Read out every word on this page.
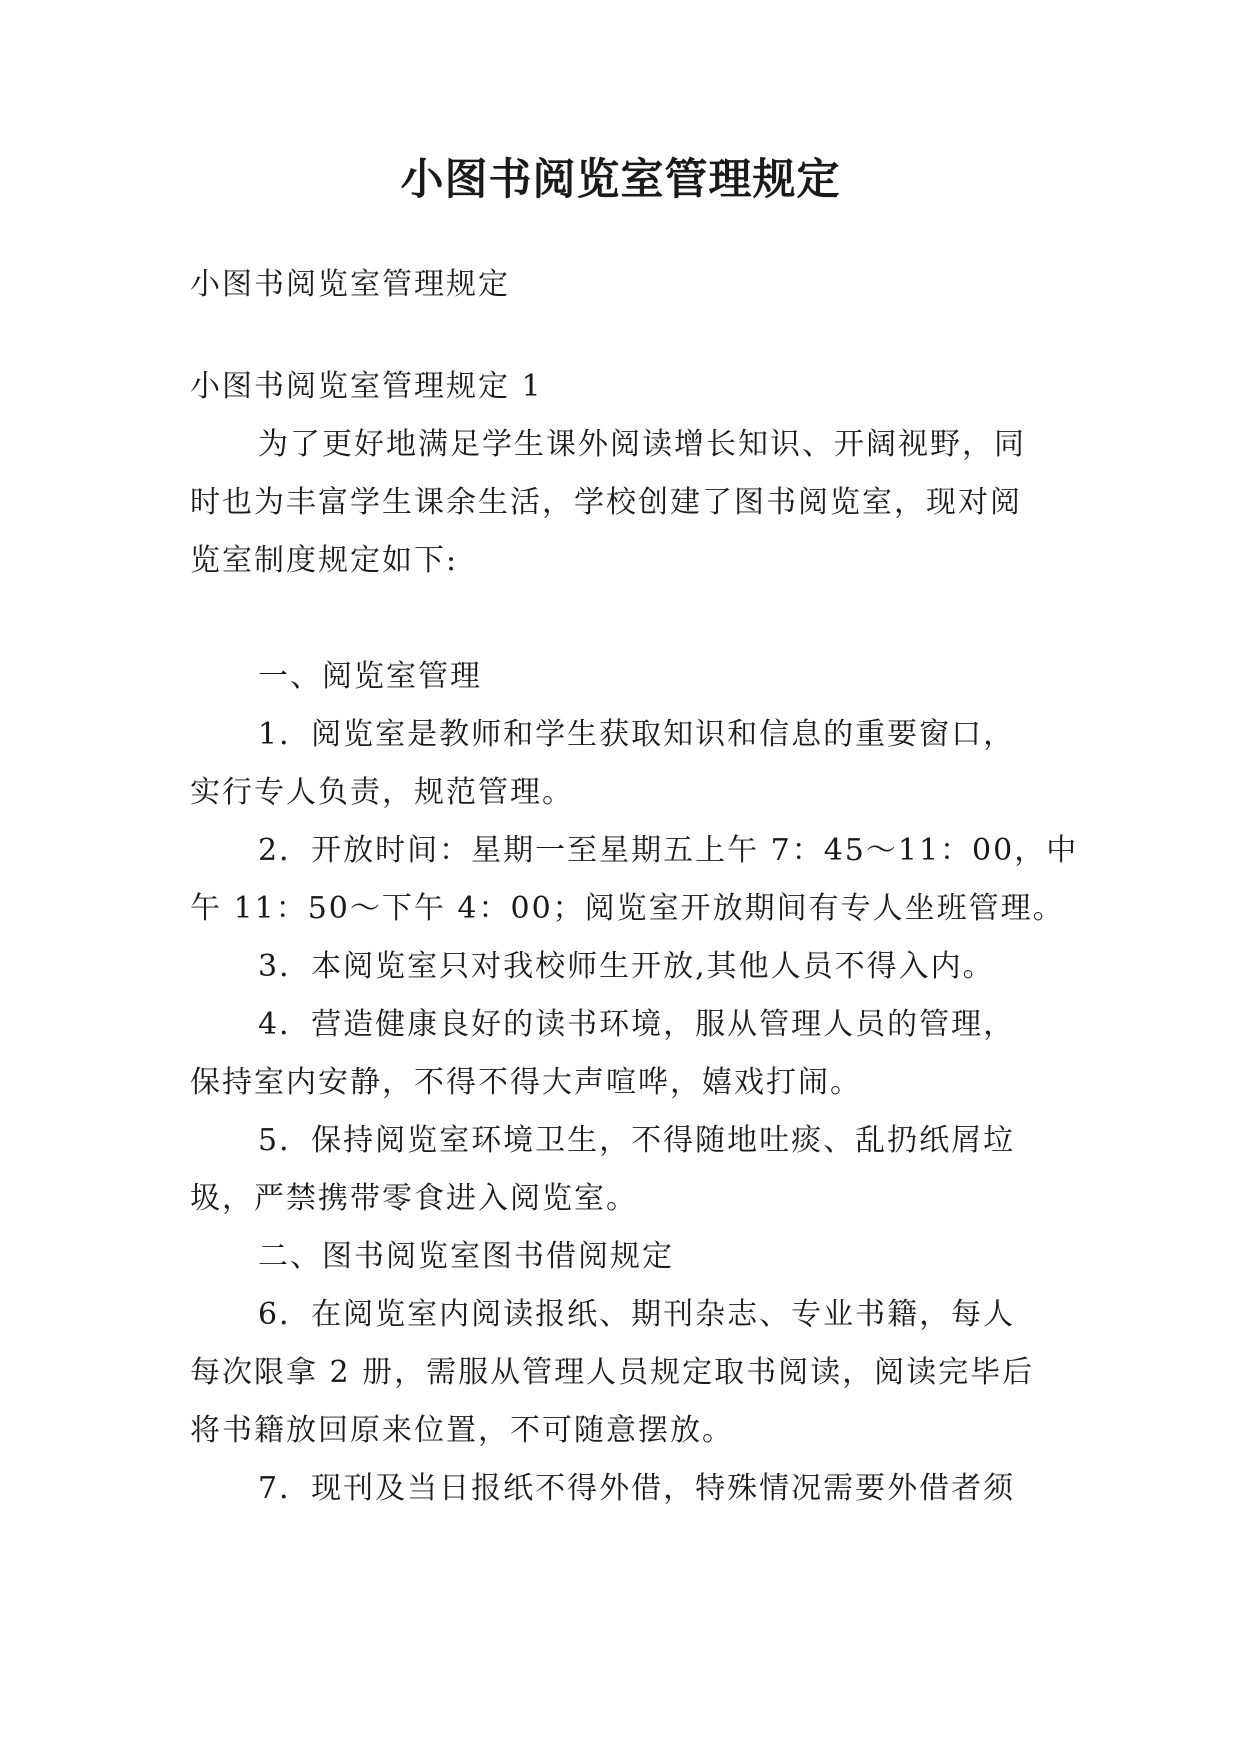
小图书阅览室管理规定
小图书阅览室管理规定
小图书阅览室管理规定 1
为了更好地满足学生课外阅读增长知识、开阔视野，同
时也为丰富学生课余生活，学校创建了图书阅览室，现对阅
览室制度规定如下:
一、阅览室管理
1．阅览室是教师和学生获取知识和信息的重要窗口，
实行专人负责，规范管理。
2．开放时间：星期一至星期五上午 7：45～11：00，中
午 11：50～下午 4：00；阅览室开放期间有专人坐班管理。
3．本阅览室只对我校师生开放,其他人员不得入内。
4．营造健康良好的读书环境，服从管理人员的管理，
保持室内安静，不得不得大声喧哗，嬉戏打闹。
5．保持阅览室环境卫生，不得随地吐痰、乱扔纸屑垃
圾，严禁携带零食进入阅览室。
二、图书阅览室图书借阅规定
6．在阅览室内阅读报纸、期刊杂志、专业书籍，每人
每次限拿 2 册，需服从管理人员规定取书阅读，阅读完毕后
将书籍放回原来位置，不可随意摆放。
7．现刊及当日报纸不得外借，特殊情况需要外借者须
